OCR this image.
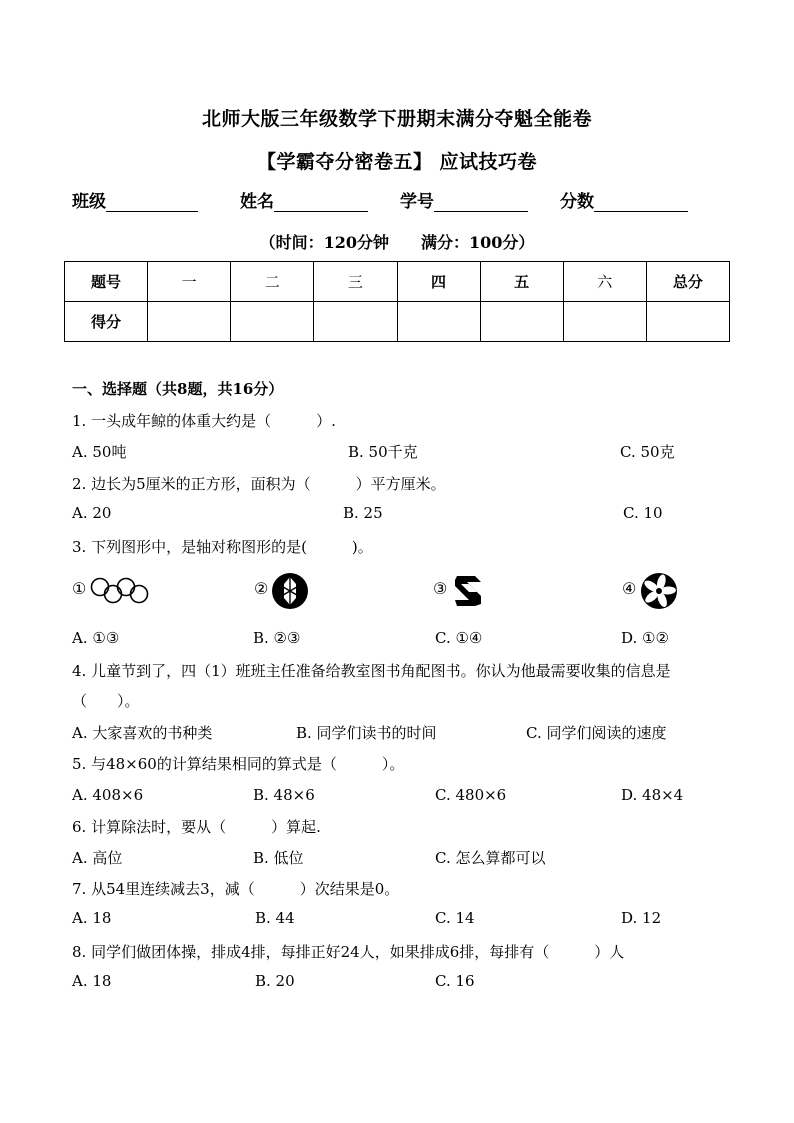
北师大版三年级数学下册期末满分夺魁全能卷
【学霸夺分密卷五】 应试技巧卷
班级	姓名	学号	分数
（时间：120分钟　　满分：100分）
题号	一	二	三	四	五	六	总分
得分							
一、选择题（共8题，共16分）
1. 一头成年鲸的体重大约是（　　　）.
A. 50吨	B. 50千克	C. 50克
2. 边长为5厘米的正方形，面积为（　　　）平方厘米。
A. 20	B. 25	C. 10
3. 下列图形中，是轴对称图形的是(　　　)。
①	②	③	④
A. ①③	B. ②③	C. ①④	D. ①②
4. 儿童节到了，四（1）班班主任准备给教室图书角配图书。你认为他最需要收集的信息是
（　　）。
A. 大家喜欢的书种类	B. 同学们读书的时间	C. 同学们阅读的速度
5. 与48×60的计算结果相同的算式是（　　　）。
A. 408×6	B. 48×6	C. 480×6	D. 48×4
6. 计算除法时，要从（　　　）算起.
A. 高位	B. 低位	C. 怎么算都可以
7. 从54里连续减去3，减（　　　）次结果是0。
A. 18	B. 44	C. 14	D. 12
8. 同学们做团体操，排成4排，每排正好24人，如果排成6排，每排有（　　　）人
A. 18	B. 20	C. 16
